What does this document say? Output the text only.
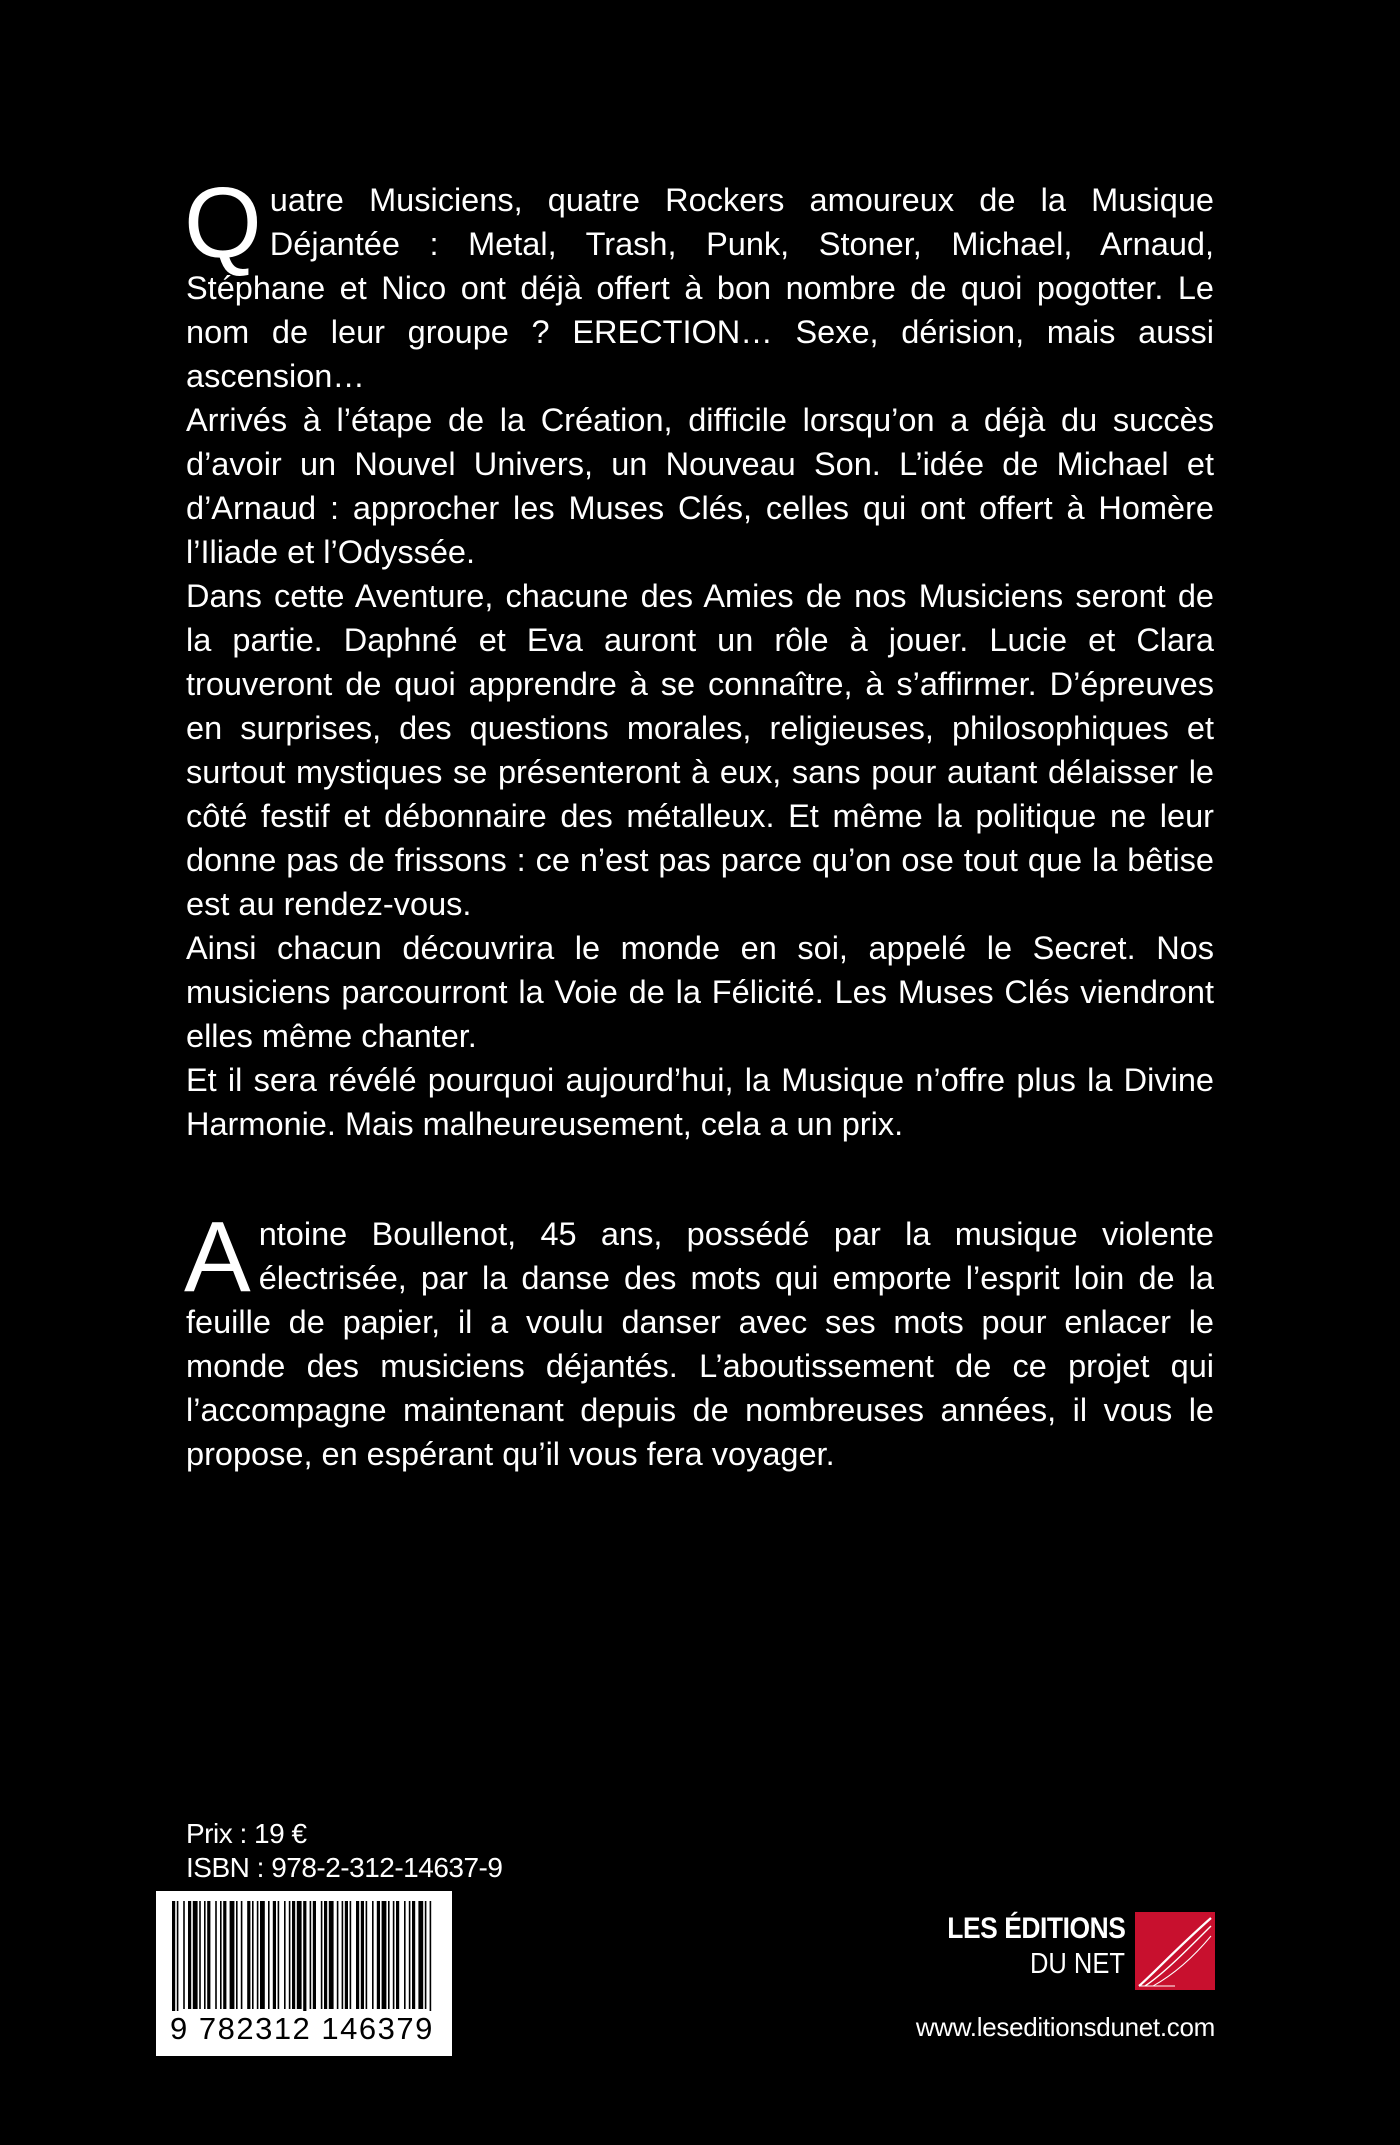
Quatre Musiciens, quatre Rockers amoureux de la Musique Déjantée : Metal, Trash, Punk, Stoner, Michael, Arnaud, Stéphane et Nico ont déjà offert à bon nombre de quoi pogotter. Le nom de leur groupe ? ERECTION… Sexe, dérision, mais aussi ascension…

Arrivés à l’étape de la Création, difficile lorsqu’on a déjà du succès d’avoir un Nouvel Univers, un Nouveau Son. L’idée de Michael et d’Arnaud : approcher les Muses Clés, celles qui ont offert à Homère l’Iliade et l’Odyssée.

Dans cette Aventure, chacune des Amies de nos Musiciens seront de la partie. Daphné et Eva auront un rôle à jouer. Lucie et Clara trouveront de quoi apprendre à se connaître, à s’affirmer. D’épreuves en surprises, des questions morales, religieuses, philosophiques et surtout mystiques se présenteront à eux, sans pour autant délaisser le côté festif et débonnaire des métalleux. Et même la politique ne leur donne pas de frissons : ce n’est pas parce qu’on ose tout que la bêtise est au rendez-vous.

Ainsi chacun découvrira le monde en soi, appelé le Secret. Nos musiciens parcourront la Voie de la Félicité. Les Muses Clés viendront elles même chanter.

Et il sera révélé pourquoi aujourd’hui, la Musique n’offre plus la Divine Harmonie. Mais malheureusement, cela a un prix.

Antoine Boullenot, 45 ans, possédé par la musique violente électrisée, par la danse des mots qui emporte l’esprit loin de la feuille de papier, il a voulu danser avec ses mots pour enlacer le monde des musiciens déjantés. L’aboutissement de ce projet qui l’accompagne maintenant depuis de nombreuses années, il vous le propose, en espérant qu’il vous fera voyager.

Prix : 19 €
ISBN : 978-2-312-14637-9
9 782312 146379
LES ÉDITIONS
DU NET
www.leseditionsdunet.com
